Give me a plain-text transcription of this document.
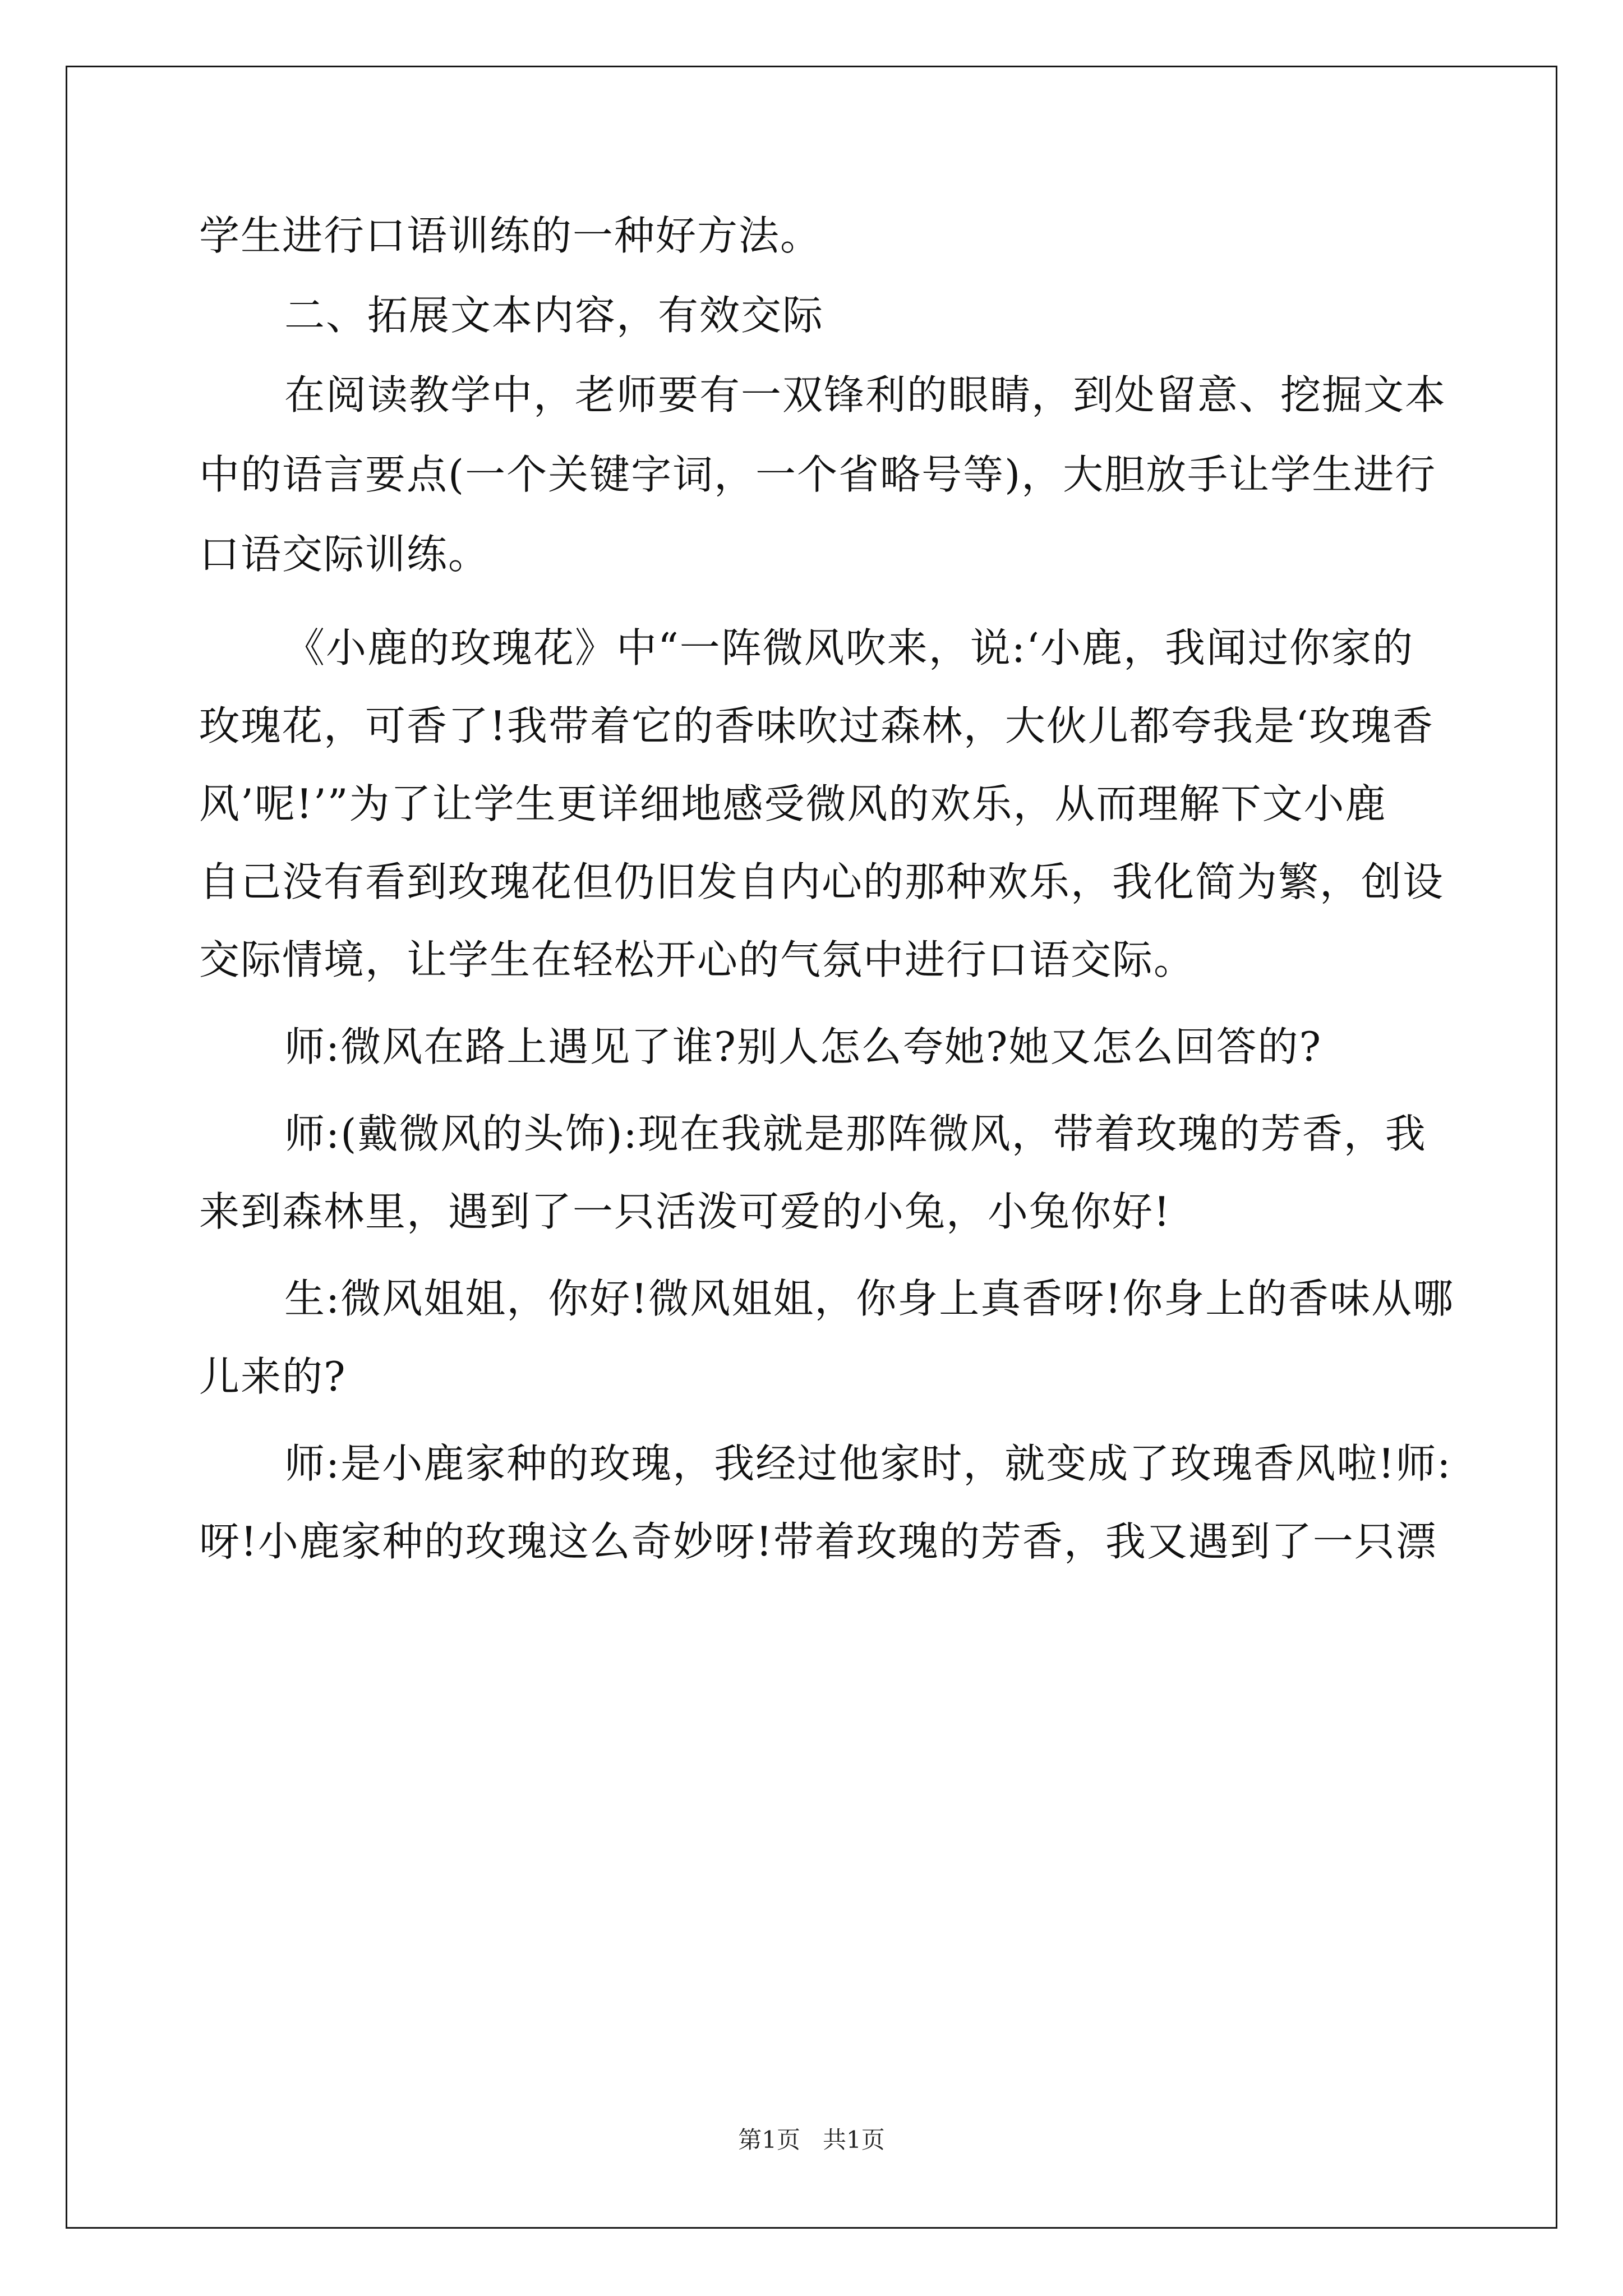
学生进行口语训练的一种好方法。
二、拓展文本内容，有效交际
在阅读教学中，老师要有一双锋利的眼睛，到处留意、挖掘文本
中的语言要点(一个关键字词，一个省略号等)，大胆放手让学生进行
口语交际训练。
《小鹿的玫瑰花》中“一阵微风吹来，说:‘小鹿，我闻过你家的
玫瑰花，可香了!我带着它的香味吹过森林，大伙儿都夸我是‘玫瑰香
风’呢!’”为了让学生更详细地感受微风的欢乐，从而理解下文小鹿
自己没有看到玫瑰花但仍旧发自内心的那种欢乐，我化简为繁，创设
交际情境，让学生在轻松开心的气氛中进行口语交际。
师:微风在路上遇见了谁?别人怎么夸她?她又怎么回答的?
师:(戴微风的头饰):现在我就是那阵微风，带着玫瑰的芳香，我
来到森林里，遇到了一只活泼可爱的小兔，小兔你好!
生:微风姐姐，你好!微风姐姐，你身上真香呀!你身上的香味从哪
儿来的?
师:是小鹿家种的玫瑰，我经过他家时，就变成了玫瑰香风啦!师:
呀!小鹿家种的玫瑰这么奇妙呀!带着玫瑰的芳香，我又遇到了一只漂
第1页   共1页
